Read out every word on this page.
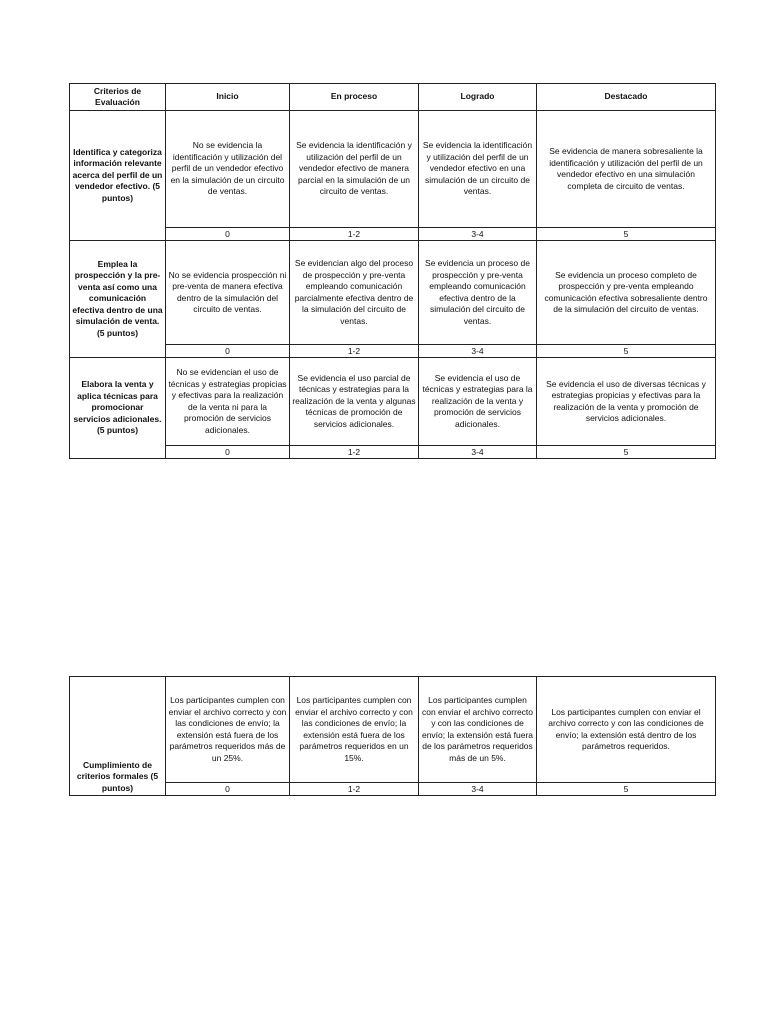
Criterios de Evaluación	Inicio	En proceso	Logrado	Destacado
Identifica y categoriza información relevante acerca del perfil de un vendedor efectivo. (5 puntos)	No se evidencia la identificación y utilización del perfil de un vendedor efectivo en la simulación de un circuito de ventas.	Se evidencia la identificación y utilización del perfil de un vendedor efectivo de manera parcial en la simulación de un circuito de ventas.	Se evidencia la identificación y utilización del perfil de un vendedor efectivo en una simulación de un circuito de ventas.	Se evidencia de manera sobresaliente la identificación y utilización del perfil de un vendedor efectivo en una simulación completa de circuito de ventas.
	0	1-2	3-4	5
Emplea la prospección y la pre-venta así como una comunicación efectiva dentro de una simulación de venta. (5 puntos)	No se evidencia prospección ni pre-venta de manera efectiva dentro de la simulación del circuito de ventas.	Se evidencian algo del proceso de prospección y pre-venta empleando comunicación parcialmente efectiva dentro de la simulación del circuito de ventas.	Se evidencia un proceso de prospección y pre-venta empleando comunicación efectiva dentro de la simulación del circuito de ventas.	Se evidencia un proceso completo de prospección y pre-venta empleando comunicación efectiva sobresaliente dentro de la simulación del circuito de ventas.
	0	1-2	3-4	5
Elabora la venta y aplica técnicas para promocionar servicios adicionales. (5 puntos)	No se evidencian el uso de técnicas y estrategias propicias y efectivas para la realización de la venta ni para la promoción de servicios adicionales.	Se evidencia el uso parcial de técnicas y estrategias para la realización de la venta y algunas técnicas de promoción de servicios adicionales.	Se evidencia el uso de técnicas y estrategias para la realización de la venta y promoción de servicios adicionales.	Se evidencia el uso de diversas técnicas y estrategias propicias y efectivas para la realización de la venta y promoción de servicios adicionales.
	0	1-2	3-4	5
Cumplimiento de criterios formales (5 puntos)	Los participantes cumplen con enviar el archivo correcto y con las condiciones de envío; la extensión está fuera de los parámetros requeridos más de un 25%.	Los participantes cumplen con enviar el archivo correcto y con las condiciones de envío; la extensión está fuera de los parámetros requeridos en un 15%.	Los participantes cumplen con enviar el archivo correcto y con las condiciones de envío; la extensión está fuera de los parámetros requeridos más de un 5%.	Los participantes cumplen con enviar el archivo correcto y con las condiciones de envío; la extensión está dentro de los parámetros requeridos.
	0	1-2	3-4	5
